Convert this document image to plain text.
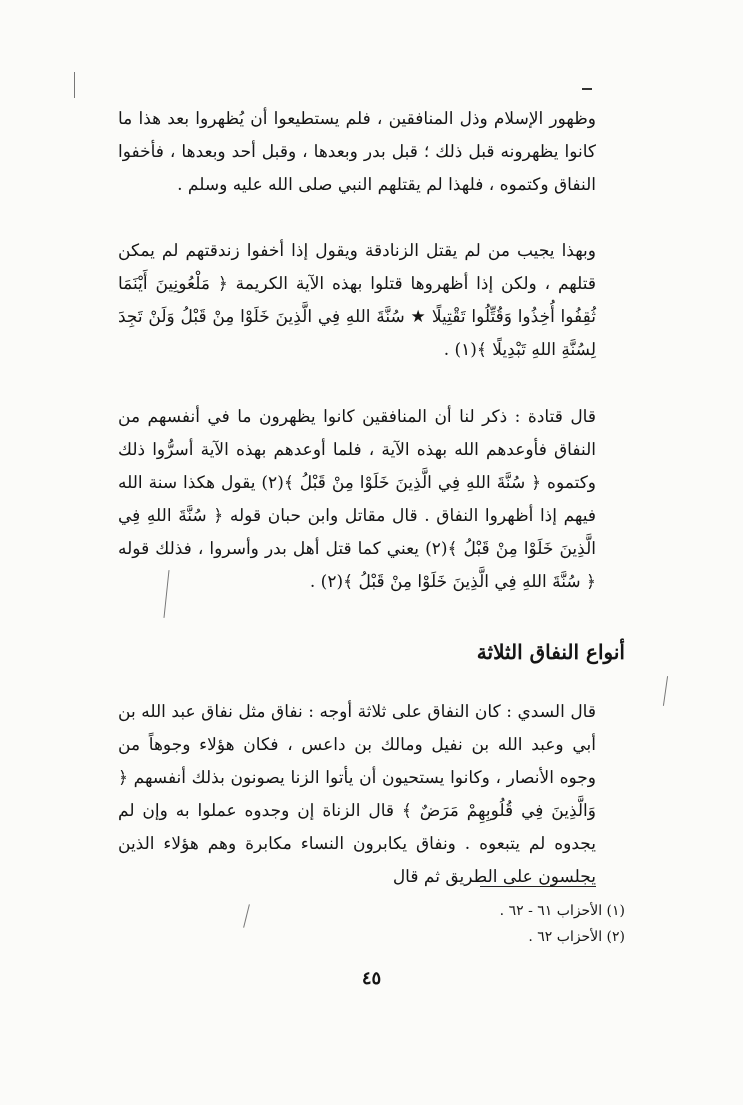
وظهور الإسلام وذل المنافقين ، فلم يستطيعوا أن يُظهروا بعد هذا ما كانوا يظهرونه قبل ذلك ؛ قبل بدر وبعدها ، وقبل أحد وبعدها ، فأخفوا النفاق وكتموه ، فلهذا لم يقتلهم النبي صلى الله عليه وسلم .

وبهذا يجيب من لم يقتل الزنادقة ويقول إذا أخفوا زندقتهم لم يمكن قتلهم ، ولكن إذا أظهروها قتلوا بهذه الآية الكريمة ﴿ مَلْعُونِينَ أَيْنَمَا ثُقِفُوا أُخِذُوا وَقُتِّلُوا تَقْتِيلًا ★ سُنَّةَ اللهِ فِي الَّذِينَ خَلَوْا مِنْ قَبْلُ وَلَنْ تَجِدَ لِسُنَّةِ اللهِ تَبْدِيلًا ﴾(١) .

قال قتادة : ذكر لنا أن المنافقين كانوا يظهرون ما في أنفسهم من النفاق فأوعدهم الله بهذه الآية ، فلما أوعدهم بهذه الآية أسرُّوا ذلك وكتموه ﴿ سُنَّةَ اللهِ فِي الَّذِينَ خَلَوْا مِنْ قَبْلُ ﴾(٢) يقول هكذا سنة الله فيهم إذا أظهروا النفاق . قال مقاتل وابن حبان قوله ﴿ سُنَّةَ اللهِ فِي الَّذِينَ خَلَوْا مِنْ قَبْلُ ﴾(٢) يعني كما قتل أهل بدر وأسروا ، فذلك قوله ﴿ سُنَّةَ اللهِ فِي الَّذِينَ خَلَوْا مِنْ قَبْلُ ﴾(٢) .

أنواع النفاق الثلاثة

قال السدي : كان النفاق على ثلاثة أوجه : نفاق مثل نفاق عبد الله بن أبي وعبد الله بن نفيل ومالك بن داعس ، فكان هؤلاء وجوهاً من وجوه الأنصار ، وكانوا يستحيون أن يأتوا الزنا يصونون بذلك أنفسهم ﴿ وَالَّذِينَ فِي قُلُوبِهِمْ مَرَضٌ ﴾ قال الزناة إن وجدوه عملوا به وإن لم يجدوه لم يتبعوه . ونفاق يكابرون النساء مكابرة وهم هؤلاء الذين يجلسون على الطريق ثم قال

(١) الأحزاب ٦١ - ٦٢ .
(٢) الأحزاب ٦٢ .
٤٥
